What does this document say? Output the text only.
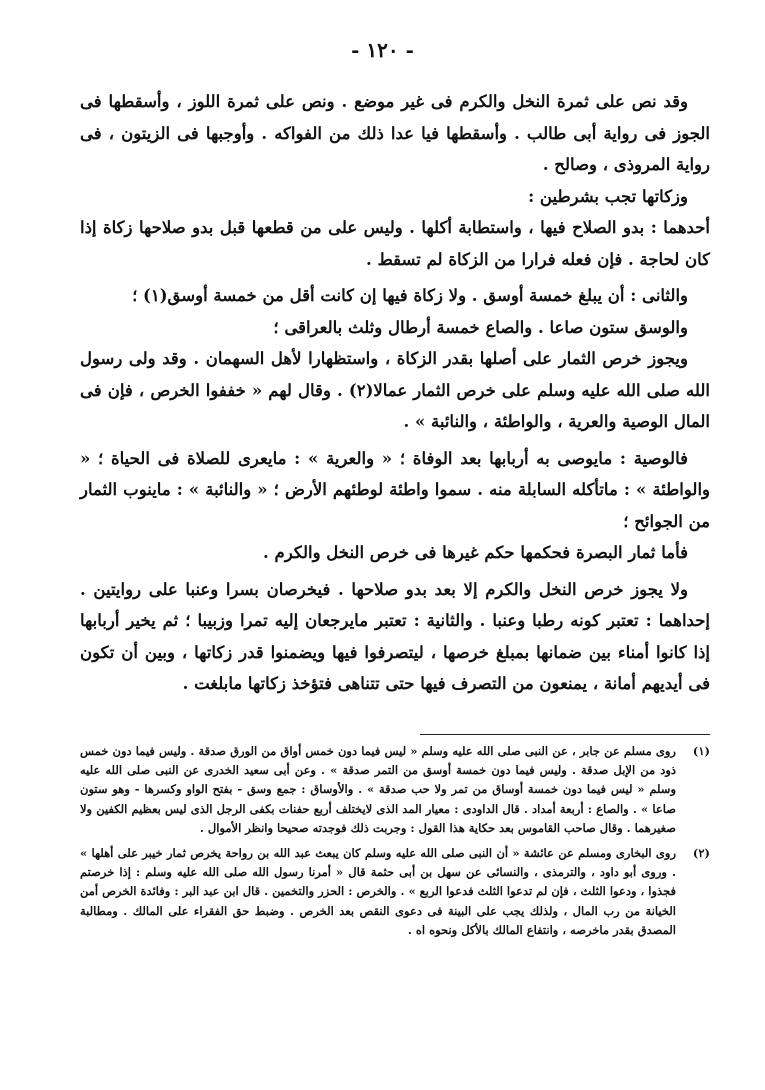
- ١٢٠ -

وقد نص على ثمرة النخل والكرم فى غير موضع . ونص على ثمرة اللوز ، وأسقطها فى الجوز فى رواية أبى طالب . وأسقطها فيا عدا ذلك من الفواكه . وأوجبها فى الزيتون ، فى رواية المروذى ، وصالح .

وزكاتها تجب بشرطين :

أحدهما : بدو الصلاح فيها ، واستطابة أكلها . وليس على من قطعها قبل بدو صلاحها زكاة إذا كان لحاجة . فإن فعله فرارا من الزكاة لم تسقط .

والثانى : أن يبلغ خمسة أوسق . ولا زكاة فيها إن كانت أقل من خمسة أوسق(١) ؛

والوسق ستون صاعا . والصاع خمسة أرطال وثلث بالعراقى ؛

ويجوز خرص الثمار على أصلها بقدر الزكاة ، واستظهارا لأهل السهمان . وقد ولى رسول الله صلى الله عليه وسلم على خرص الثمار عمالا(٢) . وقال لهم « خففوا الخرص ، فإن فى المال الوصية والعرية ، والواطئة ، والنائبة » .

فالوصية : مايوصى به أربابها بعد الوفاة ؛ « والعرية » : مايعرى للصلاة فى الحياة ؛ « والواطئة » : ماتأكله السابلة منه . سموا واطئة لوطئهم الأرض ؛ « والنائبة » : ماينوب الثمار من الجوائح ؛

فأما ثمار البصرة فحكمها حكم غيرها فى خرص النخل والكرم .

ولا يجوز خرص النخل والكرم إلا بعد بدو صلاحها . فيخرصان بسرا وعنبا على روايتين . إحداهما : تعتبر كونه رطبا وعنبا . والثانية : تعتبر مايرجعان إليه تمرا وزبيبا ؛ ثم يخير أربابها إذا كانوا أمناء بين ضمانها بمبلغ خرصها ، ليتصرفوا فيها ويضمنوا قدر زكاتها ، وبين أن تكون فى أيديهم أمانة ، يمنعون من التصرف فيها حتى تتناهى فتؤخذ زكاتها مابلغت .

(١)
روى مسلم عن جابر ، عن النبى صلى الله عليه وسلم « ليس فيما دون خمس أواق من الورق صدقة . وليس فيما دون خمس ذود من الإبل صدقة . وليس فيما دون خمسة أوسق من التمر صدقة » . وعن أبى سعيد الخدرى عن النبى صلى الله عليه وسلم « ليس فيما دون خمسة أوساق من تمر ولا حب صدقة » . والأوساق : جمع وسق - بفتح الواو وكسرها - وهو ستون صاعا » . والصاع : أربعة أمداد . قال الداودى : معيار المد الذى لايختلف أربع حفنات بكفى الرجل الذى ليس بعظيم الكفين ولا صغيرهما . وقال صاحب القاموس بعد حكاية هذا القول : وجربت ذلك فوجدته صحيحا وانظر الأموال .
(٢)
روى البخارى ومسلم عن عائشة « أن النبى صلى الله عليه وسلم كان يبعث عبد الله بن رواحة يخرص ثمار خيبر على أهلها » . وروى أبو داود ، والترمذى ، والنسائى عن سهل بن أبى حثمة قال « أمرنا رسول الله صلى الله عليه وسلم : إذا خرصتم فجذوا ، ودعوا الثلث ، فإن لم تدعوا الثلث فدعوا الربع » . والخرص : الحزر والتخمين . قال ابن عبد البر : وفائدة الخرص أمن الخيانة من رب المال ، ولذلك يجب على البينة فى دعوى النقص بعد الخرص . وضبط حق الفقراء على المالك . ومطالبة المصدق بقدر ماخرصه ، وانتفاع المالك بالأكل ونحوه اه .
